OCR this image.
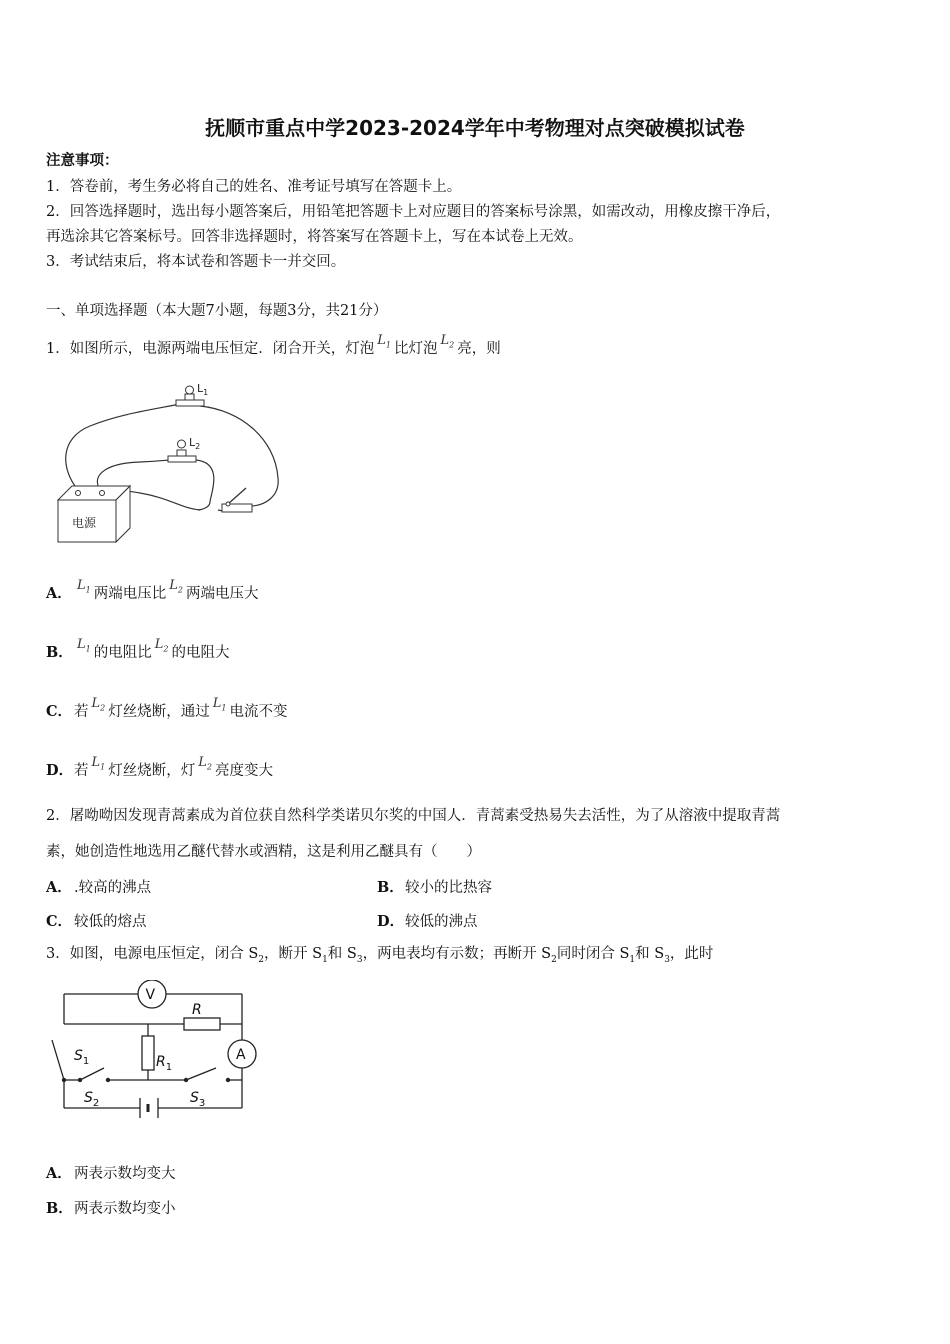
抚顺市重点中学2023-2024学年中考物理对点突破模拟试卷
注意事项：
1．答卷前，考生务必将自己的姓名、准考证号填写在答题卡上。
2．回答选择题时，选出每小题答案后，用铅笔把答题卡上对应题目的答案标号涂黑，如需改动，用橡皮擦干净后，
再选涂其它答案标号。回答非选择题时，将答案写在答题卡上，写在本试卷上无效。
3．考试结束后，将本试卷和答题卡一并交回。
一、单项选择题（本大题7小题，每题3分，共21分）
1．如图所示，电源两端电压恒定．闭合开关，灯泡$L_1$ 比灯泡$L_2$ 亮，则
$L_1$
$L_2$
电源
A． $L_1$ 两端电压比$L_2$ 两端电压大
B． $L_1$ 的电阻比$L_2$ 的电阻大
C． 若$L_2$ 灯丝烧断，通过$L_1$ 电流不变
D．若$L_1$ 灯丝烧断，灯$L_2$ 亮度变大
2．屠呦呦因发现青蒿素成为首位获自然科学类诺贝尔奖的中国人．青蒿素受热易失去活性，为了从溶液中提取青蒿
素，她创造性地选用乙醚代替水或酒精，这是利用乙醚具有（　　）
A． .较高的沸点	B．较小的比热容
C． 较低的熔点	D．较低的沸点
3．如图，电源电压恒定，闭合 $S_2$，断开 $S_1$和 $S_3$，两电表均有示数；再断开 $S_2$同时闭合 $S_1$和 $S_3$，此时
V
A
R
$R_1$
$S_1$
$S_2$	$S_3$
A． 两表示数均变大
B．两表示数均变小
